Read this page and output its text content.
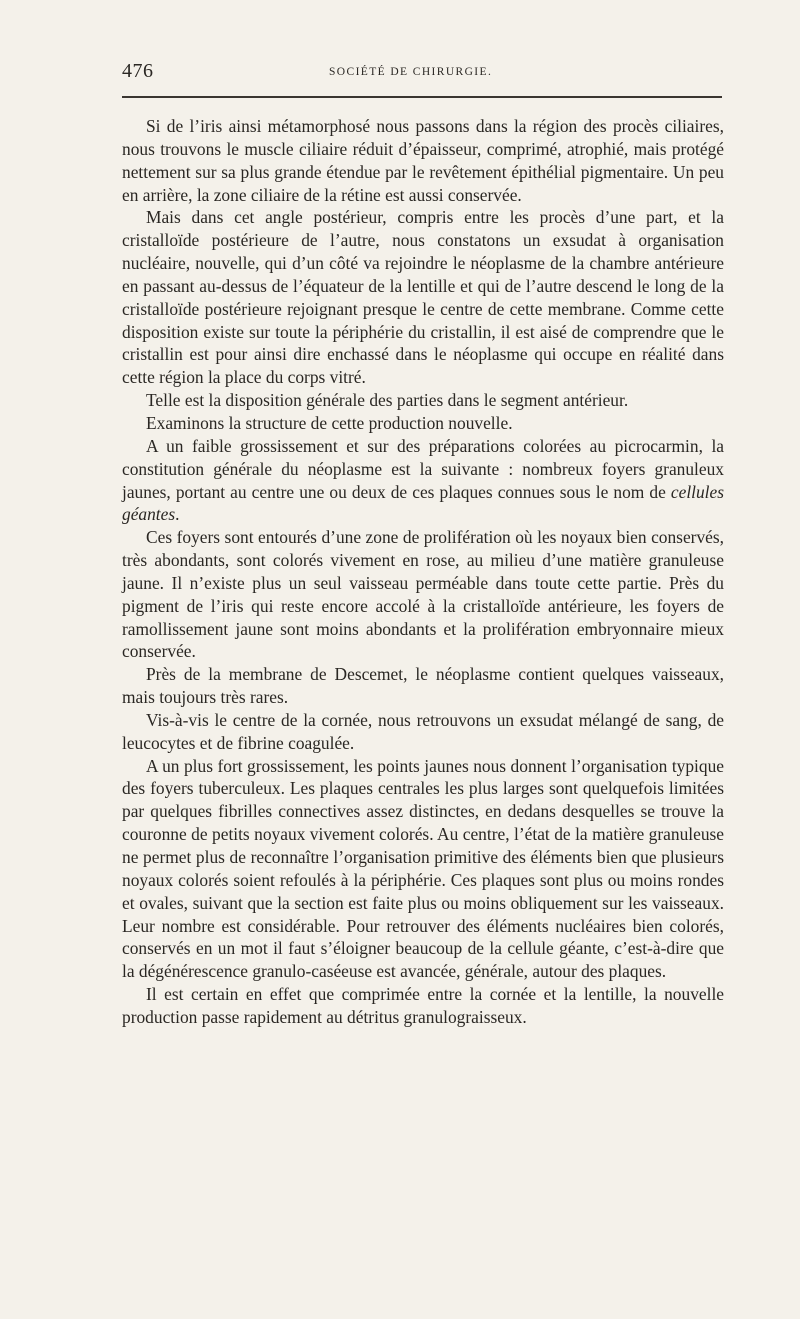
476	SOCIÉTÉ DE CHIRURGIE.

Si de l’iris ainsi métamorphosé nous passons dans la région des procès ciliaires, nous trouvons le muscle ciliaire réduit d’épaisseur, comprimé, atrophié, mais protégé nettement sur sa plus grande étendue par le revêtement épithélial pigmentaire. Un peu en arrière, la zone ciliaire de la rétine est aussi conservée.

Mais dans cet angle postérieur, compris entre les procès d’une part, et la cristalloïde postérieure de l’autre, nous constatons un exsudat à organisation nucléaire, nouvelle, qui d’un côté va rejoindre le néoplasme de la chambre antérieure en passant au-dessus de l’équateur de la lentille et qui de l’autre descend le long de la cristalloïde postérieure rejoignant presque le centre de cette membrane. Comme cette disposition existe sur toute la périphérie du cristallin, il est aisé de comprendre que le cristallin est pour ainsi dire enchassé dans le néoplasme qui occupe en réalité dans cette région la place du corps vitré.

Telle est la disposition générale des parties dans le segment antérieur.

Examinons la structure de cette production nouvelle.

A un faible grossissement et sur des préparations colorées au picrocarmin, la constitution générale du néoplasme est la suivante : nombreux foyers granuleux jaunes, portant au centre une ou deux de ces plaques connues sous le nom de cellules géantes.

Ces foyers sont entourés d’une zone de prolifération où les noyaux bien conservés, très abondants, sont colorés vivement en rose, au milieu d’une matière granuleuse jaune. Il n’existe plus un seul vaisseau perméable dans toute cette partie. Près du pigment de l’iris qui reste encore accolé à la cristalloïde antérieure, les foyers de ramollissement jaune sont moins abondants et la prolifération embryonnaire mieux conservée.

Près de la membrane de Descemet, le néoplasme contient quelques vaisseaux, mais toujours très rares.

Vis-à-vis le centre de la cornée, nous retrouvons un exsudat mélangé de sang, de leucocytes et de fibrine coagulée.

A un plus fort grossissement, les points jaunes nous donnent l’organisation typique des foyers tuberculeux. Les plaques centrales les plus larges sont quelquefois limitées par quelques fibrilles connectives assez distinctes, en dedans desquelles se trouve la couronne de petits noyaux vivement colorés. Au centre, l’état de la matière granuleuse ne permet plus de reconnaître l’organisation primitive des éléments bien que plusieurs noyaux colorés soient refoulés à la périphérie. Ces plaques sont plus ou moins rondes et ovales, suivant que la section est faite plus ou moins obliquement sur les vaisseaux. Leur nombre est considérable. Pour retrouver des éléments nucléaires bien colorés, conservés en un mot il faut s’éloigner beaucoup de la cellule géante, c’est-à-dire que la dégénérescence granulo-caséeuse est avancée, générale, autour des plaques.

Il est certain en effet que comprimée entre la cornée et la lentille, la nouvelle production passe rapidement au détritus granulograisseux.
